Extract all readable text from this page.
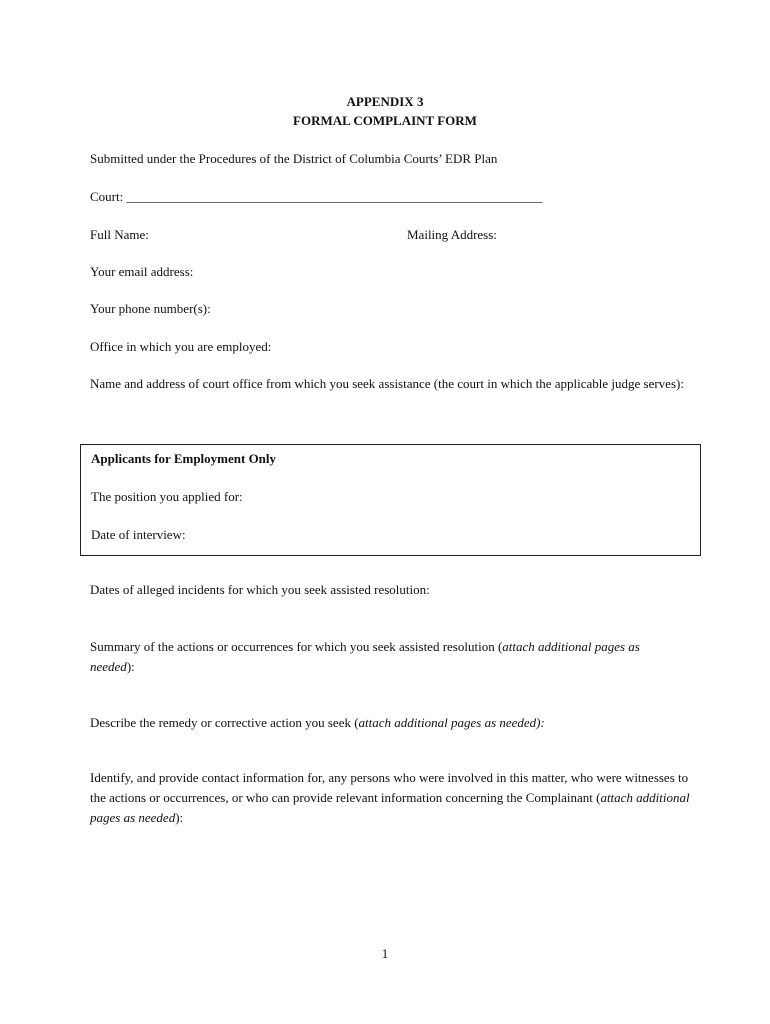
APPENDIX 3
FORMAL COMPLAINT FORM
Submitted under the Procedures of the District of Columbia Courts’ EDR Plan
Court: ________________________________________________________________
Full Name:	Mailing Address:
Your email address:
Your phone number(s):
Office in which you are employed:
Name and address of court office from which you seek assistance (the court in which the applicable judge serves):
Applicants for Employment Only
The position you applied for:
Date of interview:
Dates of alleged incidents for which you seek assisted resolution:
Summary of the actions or occurrences for which you seek assisted resolution (attach additional pages as needed):
Describe the remedy or corrective action you seek (attach additional pages as needed):
Identify, and provide contact information for, any persons who were involved in this matter, who were witnesses to the actions or occurrences, or who can provide relevant information concerning the Complainant (attach additional pages as needed):
1
